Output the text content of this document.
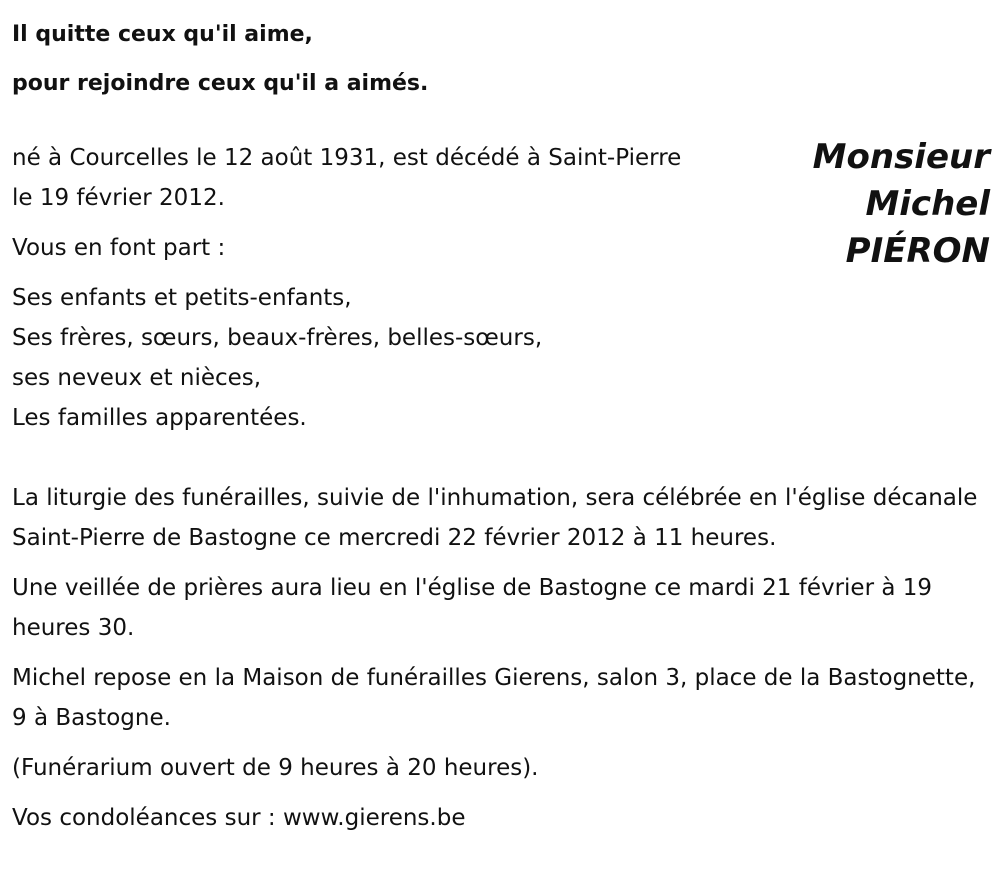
Il quitte ceux qu'il aime,
pour rejoindre ceux qu'il a aimés.
Monsieur
Michel
PIÉRON

né à Courcelles le 12 août 1931, est décédé à Saint-Pierre le 19 février 2012.

Vous en font part :

Ses enfants et petits-enfants,
Ses frères, sœurs, beaux-frères, belles-sœurs,
ses neveux et nièces,
Les familles apparentées.

La liturgie des funérailles, suivie de l'inhumation, sera célébrée en l'église décanale Saint-Pierre de Bastogne ce mercredi 22 février 2012 à 11 heures.

Une veillée de prières aura lieu en l'église de Bastogne ce mardi 21 février à 19 heures 30.

Michel repose en la Maison de funérailles Gierens, salon 3, place de la Bastognette, 9 à Bastogne.

(Funérarium ouvert de 9 heures à 20 heures).

Vos condoléances sur : www.gierens.be
